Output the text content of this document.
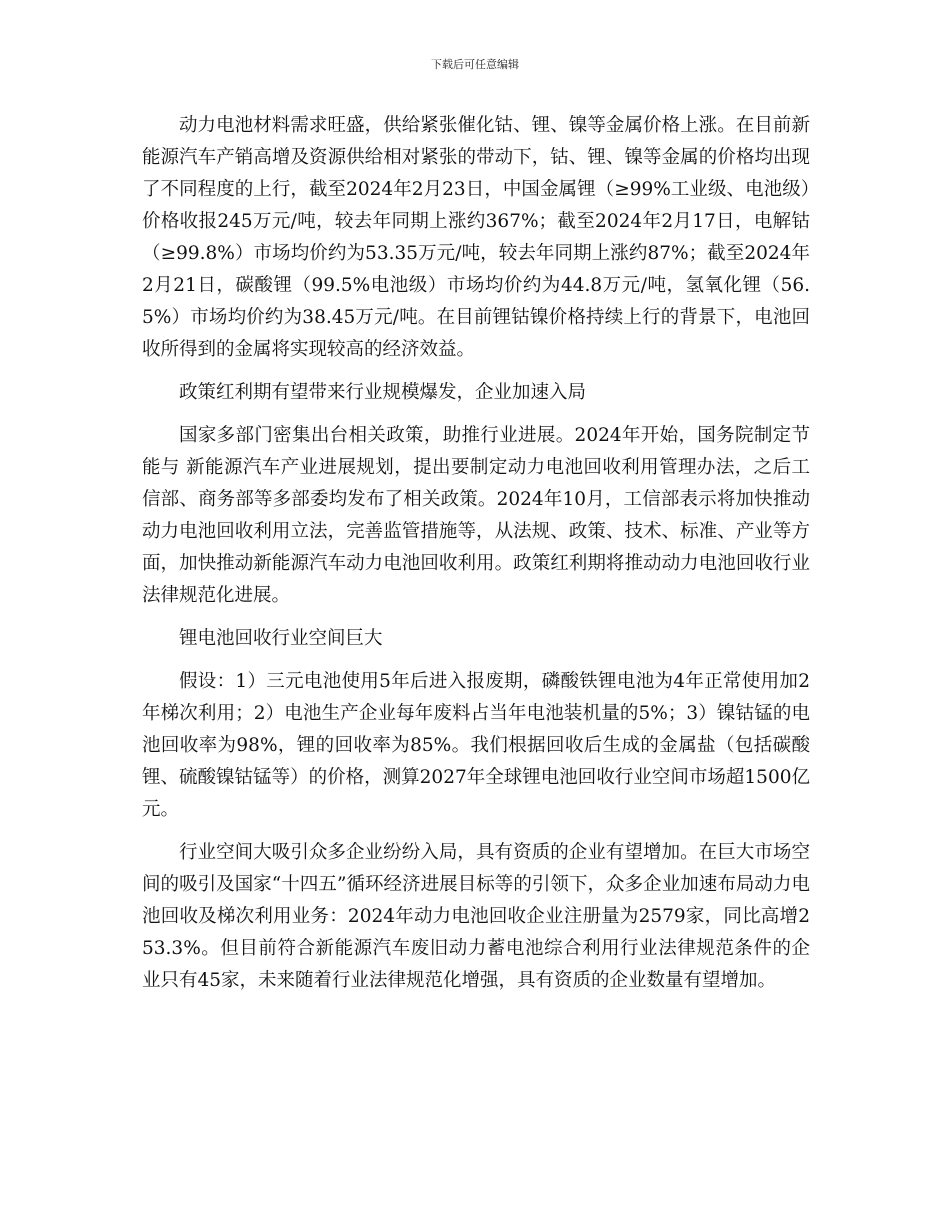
下载后可任意编辑

动力电池材料需求旺盛，供给紧张催化钴、锂、镍等金属价格上涨。在目前新能源汽车产销高增及资源供给相对紧张的带动下，钴、锂、镍等金属的价格均出现了不同程度的上行，截至2024年2月23日，中国金属锂（≥99%工业级、电池级）价格收报245万元/吨，较去年同期上涨约367%；截至2024年2月17日，电解钴（≥99.8%）市场均价约为53.35万元/吨，较去年同期上涨约87%；截至2024年2月21日，碳酸锂（99.5%电池级）市场均价约为44.8万元/吨，氢氧化锂（56.5%）市场均价约为38.45万元/吨。在目前锂钴镍价格持续上行的背景下，电池回收所得到的金属将实现较高的经济效益。

政策红利期有望带来行业规模爆发，企业加速入局

国家多部门密集出台相关政策，助推行业进展。2024年开始，国务院制定节能与 新能源汽车产业进展规划，提出要制定动力电池回收利用管理办法，之后工信部、商务部等多部委均发布了相关政策。2024年10月，工信部表示将加快推动动力电池回收利用立法，完善监管措施等，从法规、政策、技术、标准、产业等方面，加快推动新能源汽车动力电池回收利用。政策红利期将推动动力电池回收行业法律规范化进展。

锂电池回收行业空间巨大

假设：1）三元电池使用5年后进入报废期，磷酸铁锂电池为4年正常使用加2年梯次利用；2）电池生产企业每年废料占当年电池装机量的5%；3）镍钴锰的电池回收率为98%，锂的回收率为85%。我们根据回收后生成的金属盐（包括碳酸锂、硫酸镍钴锰等）的价格，测算2027年全球锂电池回收行业空间市场超1500亿元。

行业空间大吸引众多企业纷纷入局，具有资质的企业有望增加。在巨大市场空间的吸引及国家“十四五”循环经济进展目标等的引领下，众多企业加速布局动力电池回收及梯次利用业务：2024年动力电池回收企业注册量为2579家，同比高增253.3%。但目前符合新能源汽车废旧动力蓄电池综合利用行业法律规范条件的企业只有45家，未来随着行业法律规范化增强，具有资质的企业数量有望增加。
